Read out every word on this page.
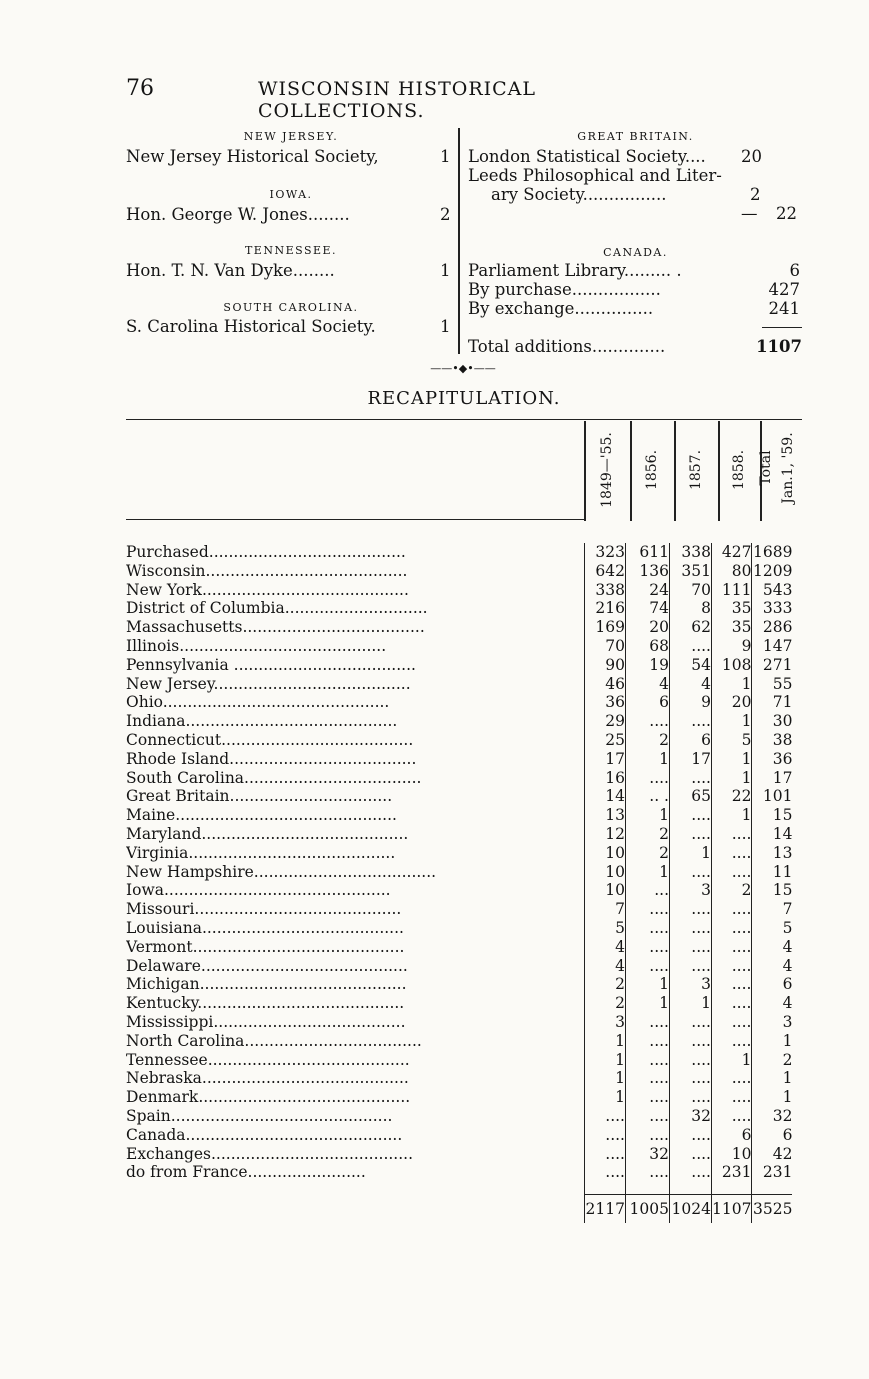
76	WISCONSIN HISTORICAL COLLECTIONS.
NEW JERSEY.
New Jersey Historical Society,	1
IOWA.
Hon. George W. Jones........	2
TENNESSEE.
Hon. T. N. Van Dyke........	1
SOUTH CAROLINA.
S. Carolina Historical Society.	1
GREAT BRITAIN.
London Statistical Society.... 20
Leeds Philosophical and Liter-
ary Society................	2
— 22
CANADA.
Parliament Library......... .	6
By purchase.................	427
By exchange...............	241
Total additions..............	1107
——•◆•——
RECAPITULATION.
1849—'55. 1856. 1857. 1858. Total Jan.1, '59.
Purchased........................................	323	611	338	427	1689
Wisconsin.........................................	642	136	351	80	1209
New York..........................................	338	24	70	111	543
District of Columbia.............................	216	74	8	35	333
Massachusetts.....................................	169	20	62	35	286
Illinois..........................................	70	68	....	9	147
Pennsylvania .....................................	90	19	54	108	271
New Jersey........................................	46	4	4	1	55
Ohio..............................................	36	6	9	20	71
Indiana...........................................	29	....	....	1	30
Connecticut.......................................	25	2	6	5	38
Rhode Island......................................	17	1	17	1	36
South Carolina....................................	16	....	....	1	17
Great Britain.................................	14	.. .	65	22	101
Maine.............................................	13	1	....	1	15
Maryland..........................................	12	2	....	....	14
Virginia..........................................	10	2	1	....	13
New Hampshire.....................................	10	1	....	....	11
Iowa..............................................	10	...	3	2	15
Missouri..........................................	7	....	....	....	7
Louisiana.........................................	5	....	....	....	5
Vermont...........................................	4	....	....	....	4
Delaware..........................................	4	....	....	....	4
Michigan..........................................	2	1	3	....	6
Kentucky..........................................	2	1	1	....	4
Mississippi.......................................	3	....	....	....	3
North Carolina....................................	1	....	....	....	1
Tennessee.........................................	1	....	....	1	2
Nebraska..........................................	1	....	....	....	1
Denmark...........................................	1	....	....	....	1
Spain.............................................	....	....	32	....	32
Canada............................................	....	....	....	6	6
Exchanges.........................................	....	32	....	10	42
do from France........................	....	....	....	231	231

	2117	1005	1024	1107	3525
